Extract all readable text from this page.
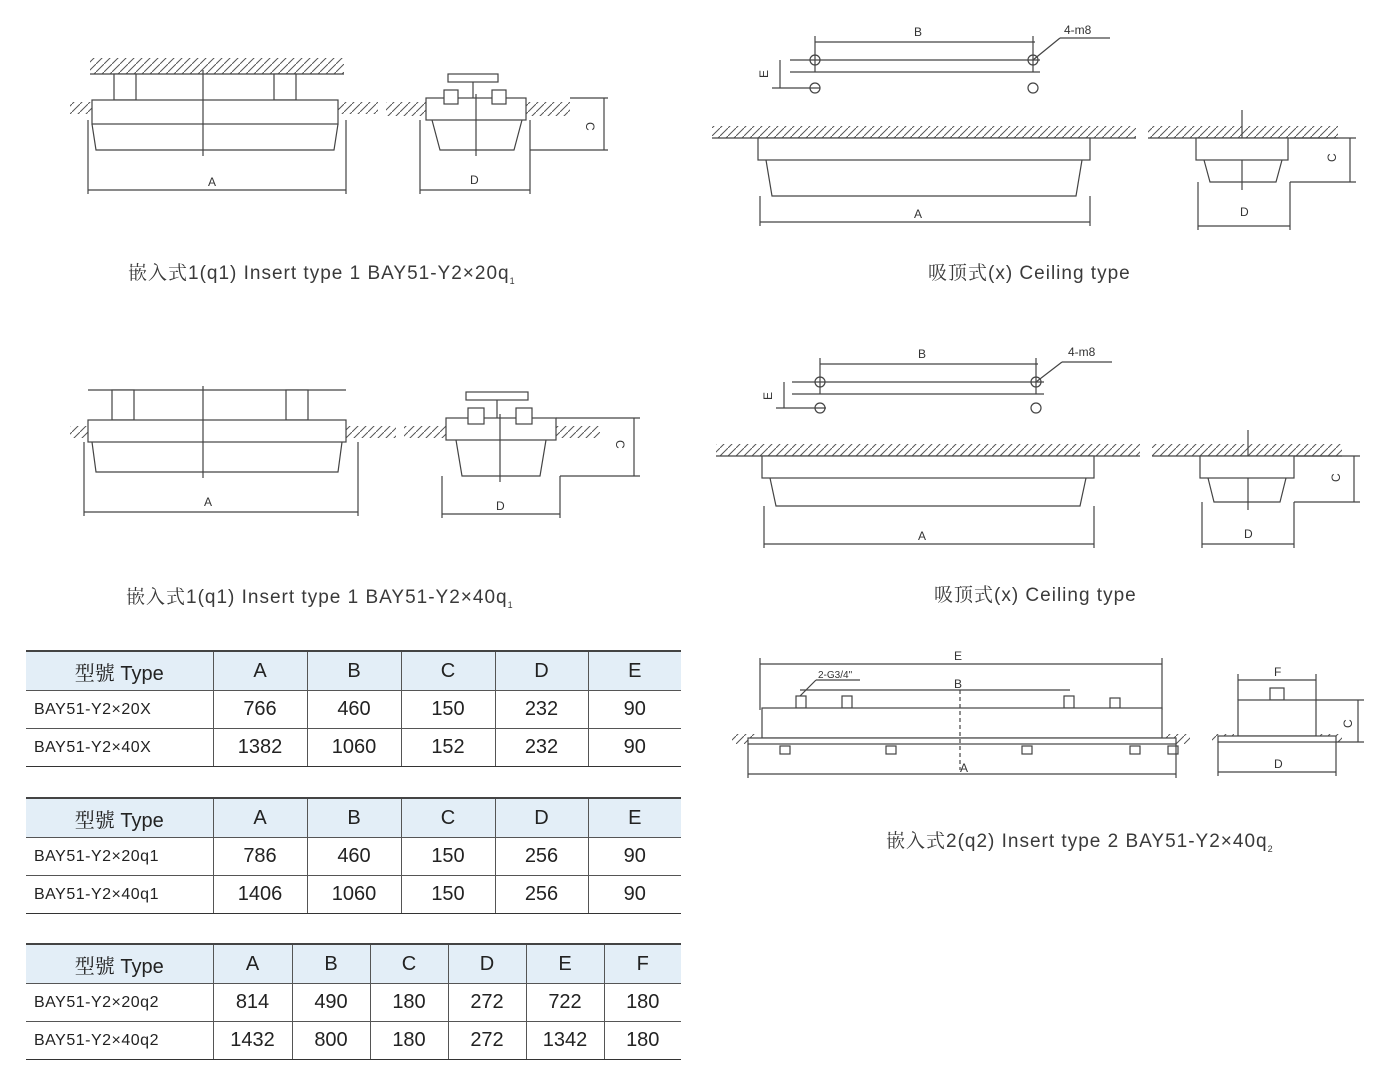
A	D
C
B	4-m8
E
A	D
C
A	D
C
B	4-m8
E
A	D
C
E
2-G3/4"
B
A
F
D
C
嵌入式1(q1) Insert type 1 $BAY51-Y2\times 20q_1$	吸顶式(x) Ceiling type
嵌入式1(q1) Insert type 1 $BAY51-Y2\times 40q_1$	吸顶式(x) Ceiling type
嵌入式2(q2) Insert type 2 $BAY51-Y2\times 40q_2$
型號 Type	A	B	C	D	E
BAY51-Y2×20X	766	460	150	232	90
BAY51-Y2×40X	1382	1060	152	232	90
型號 Type	A	B	C	D	E
BAY51-Y2×20q1	786	460	150	256	90
BAY51-Y2×40q1	1406	1060	150	256	90
型號 Type	A	B	C	D	E	F
BAY51-Y2×20q2	814	490	180	272	722	180
BAY51-Y2×40q2	1432	800	180	272	1342	180
